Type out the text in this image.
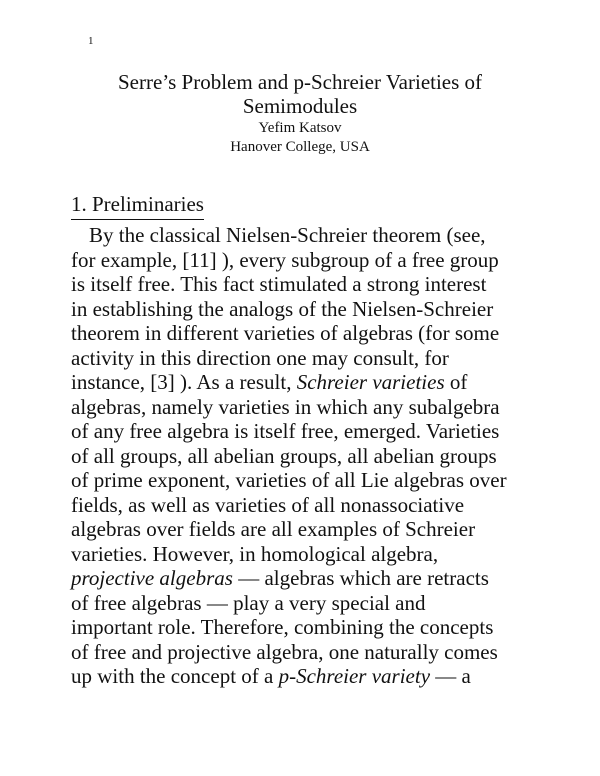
1
Serre’s Problem and p-Schreier Varieties of
Semimodules
Yefim Katsov
Hanover College, USA
1. Preliminaries
By the classical Nielsen-Schreier theorem (see,
for example, [11] ), every subgroup of a free group
is itself free. This fact stimulated a strong interest
in establishing the analogs of the Nielsen-Schreier
theorem in different varieties of algebras (for some
activity in this direction one may consult, for
instance, [3] ). As a result, Schreier varieties of
algebras, namely varieties in which any subalgebra
of any free algebra is itself free, emerged. Varieties
of all groups, all abelian groups, all abelian groups
of prime exponent, varieties of all Lie algebras over
fields, as well as varieties of all nonassociative
algebras over fields are all examples of Schreier
varieties. However, in homological algebra,
projective algebras — algebras which are retracts
of free algebras — play a very special and
important role. Therefore, combining the concepts
of free and projective algebra, one naturally comes
up with the concept of a p-Schreier variety — a
